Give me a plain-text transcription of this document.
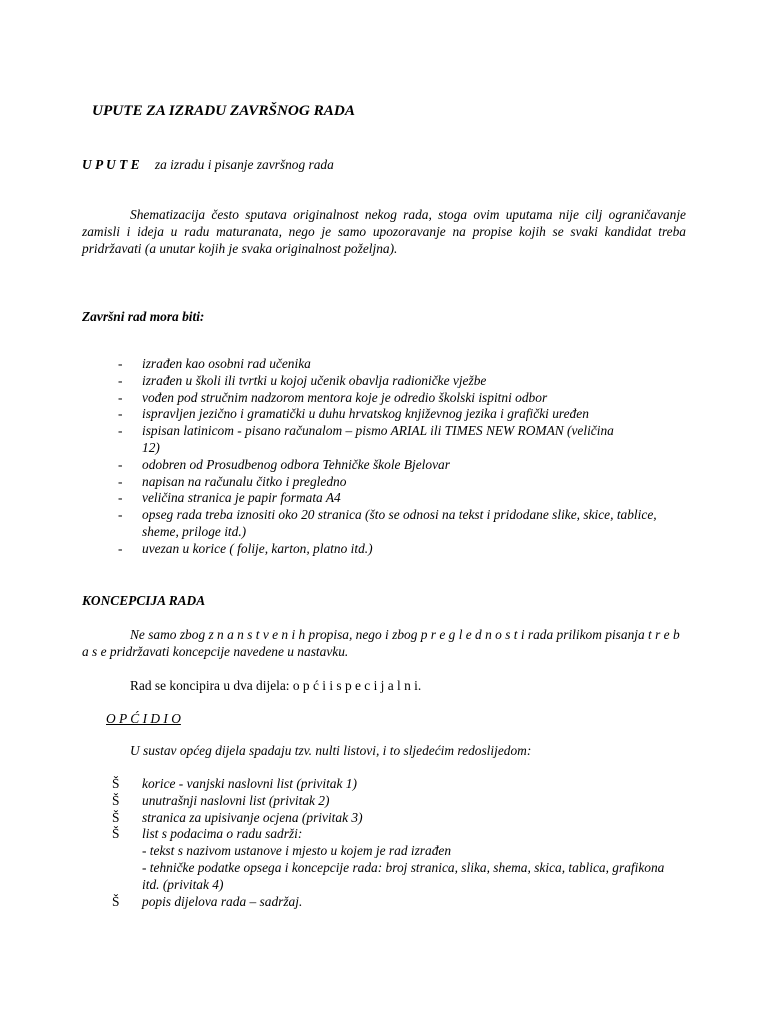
UPUTE ZA IZRADU ZAVRŠNOG RADA
U P U T E za izradu i pisanje završnog rada
Shematizacija često sputava originalnost nekog rada, stoga ovim uputama nije cilj ograničavanje zamisli i ideja u radu maturanata, nego je samo upozoravanje na propise kojih se svaki kandidat treba pridržavati (a unutar kojih je svaka originalnost poželjna).
Završni rad mora biti:
- izrađen kao osobni rad učenika
- izrađen u školi ili tvrtki u kojoj učenik obavlja radioničke vježbe
- vođen pod stručnim nadzorom mentora koje je odredio školski ispitni odbor
- ispravljen jezično i gramatički u duhu hrvatskog književnog jezika i grafički uređen
- ispisan latinicom - pisano računalom – pismo ARIAL ili TIMES NEW ROMAN (veličina 12)
- odobren od Prosudbenog odbora Tehničke škole Bjelovar
- napisan na računalu čitko i pregledno
- veličina stranica je papir formata A4
- opseg rada treba iznositi oko 20 stranica (što se odnosi na tekst i pridodane slike, skice, tablice, sheme, priloge itd.)
- uvezan u korice ( folije, karton, platno itd.)
KONCEPCIJA RADA
Ne samo zbog z n a n s t v e n i h propisa, nego i zbog p r e g l e d n o s t i rada prilikom pisanja t r e b a s e pridržavati koncepcije navedene u nastavku.
Rad se koncipira u dva dijela: o p ć i i s p e c i j a l n i.
O P Ć I D I O
U sustav općeg dijela spadaju tzv. nulti listovi, i to sljedećim redoslijedom:
Š korice - vanjski naslovni list (privitak 1)
Š unutrašnji naslovni list (privitak 2)
Š stranica za upisivanje ocjena (privitak 3)
Š list s podacima o radu sadrži:
- tekst s nazivom ustanove i mjesto u kojem je rad izrađen
- tehničke podatke opsega i koncepcije rada: broj stranica, slika, shema, skica, tablica, grafikona itd. (privitak 4)
Š popis dijelova rada – sadržaj.
